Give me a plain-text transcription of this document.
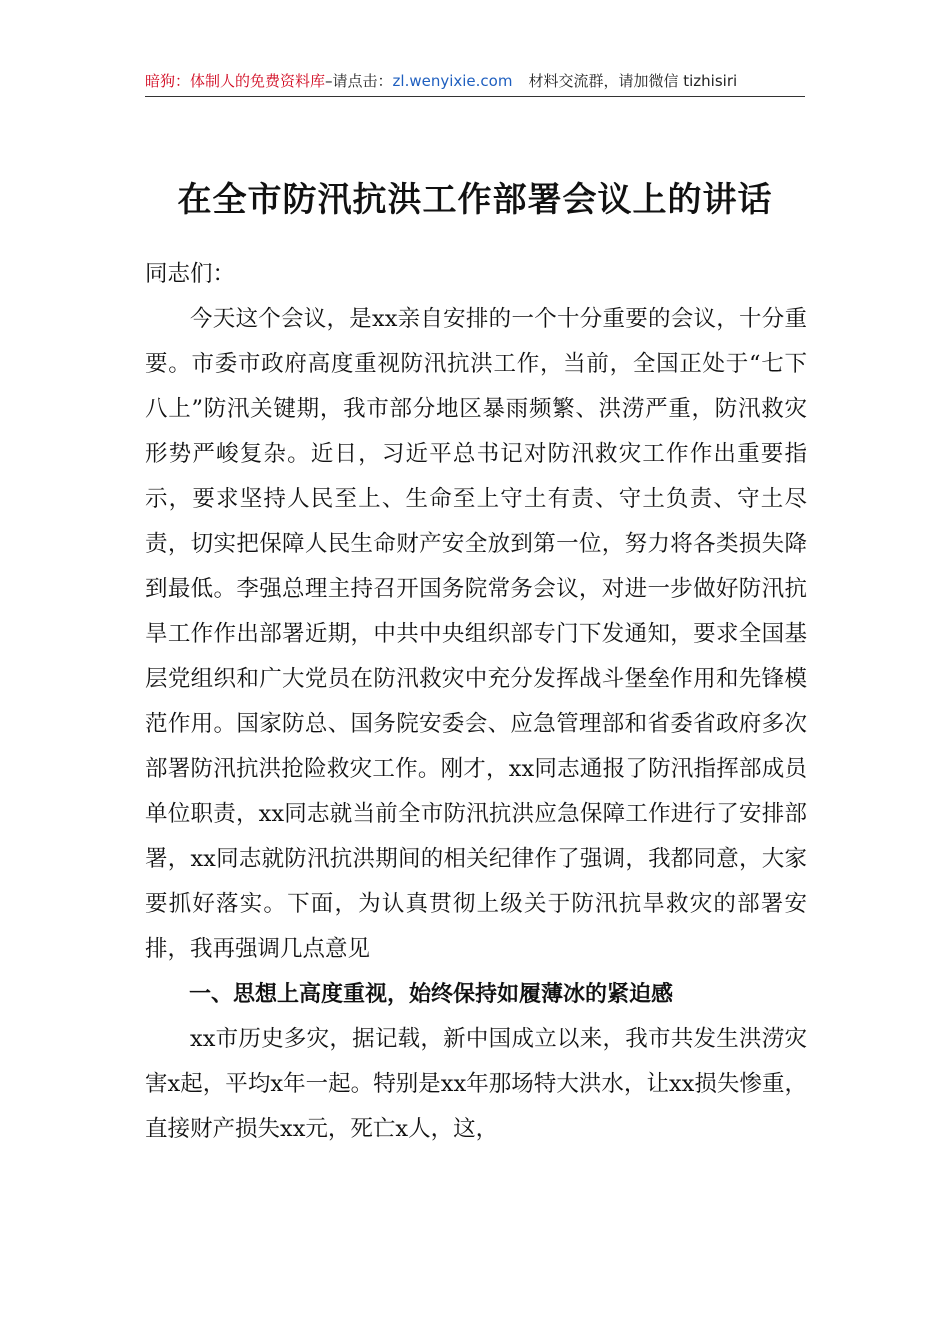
暗狗：体制人的免费资料库–请点击：zl.wenyixie.com 材料交流群，请加微信 tizhisiri
在全市防汛抗洪工作部署会议上的讲话

同志们：

今天这个会议，是xx亲自安排的一个十分重要的会议，十分重要。市委市政府高度重视防汛抗洪工作，当前，全国正处于“七下八上”防汛关键期，我市部分地区暴雨频繁、洪涝严重，防汛救灾形势严峻复杂。近日，习近平总书记对防汛救灾工作作出重要指示，要求坚持人民至上、生命至上守土有责、守土负责、守土尽责，切实把保障人民生命财产安全放到第一位，努力将各类损失降到最低。李强总理主持召开国务院常务会议，对进一步做好防汛抗旱工作作出部署近期，中共中央组织部专门下发通知，要求全国基层党组织和广大党员在防汛救灾中充分发挥战斗堡垒作用和先锋模范作用。国家防总、国务院安委会、应急管理部和省委省政府多次部署防汛抗洪抢险救灾工作。刚才，xx同志通报了防汛指挥部成员单位职责，xx同志就当前全市防汛抗洪应急保障工作进行了安排部署，xx同志就防汛抗洪期间的相关纪律作了强调，我都同意，大家要抓好落实。下面，为认真贯彻上级关于防汛抗旱救灾的部署安排，我再强调几点意见

一、思想上高度重视，始终保持如履薄冰的紧迫感

xx市历史多灾，据记载，新中国成立以来，我市共发生洪涝灾害x起，平均x年一起。特别是xx年那场特大洪水，让xx损失惨重，直接财产损失xx元，死亡x人，这，
